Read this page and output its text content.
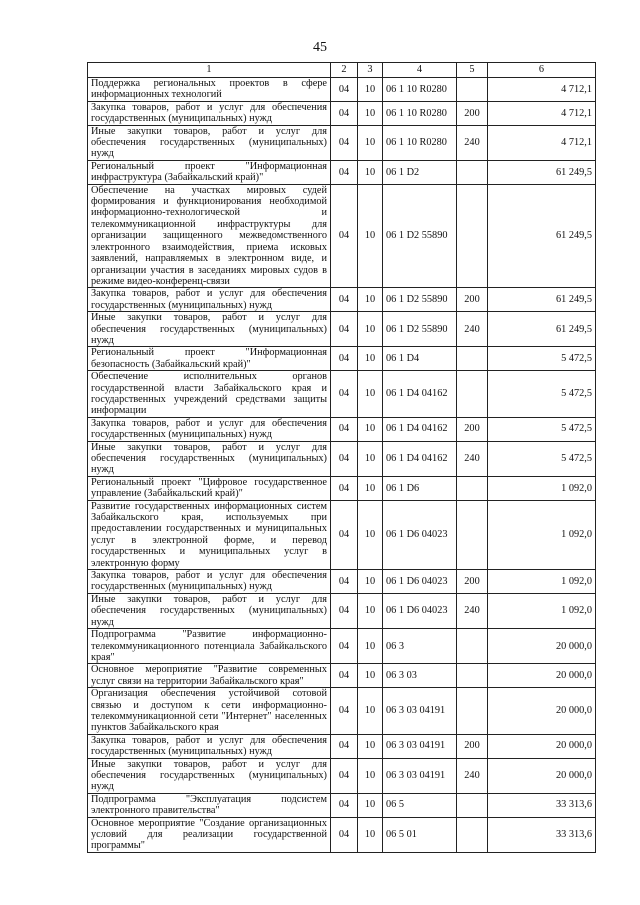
45
1	2	3	4	5	6
Поддержка региональных проектов в сфере информационных технологий	04	10	06 1 10 R0280		4 712,1
Закупка товаров, работ и услуг для обеспечения государственных (муниципальных) нужд	04	10	06 1 10 R0280	200	4 712,1
Иные закупки товаров, работ и услуг для обеспечения государственных (муниципальных) нужд	04	10	06 1 10 R0280	240	4 712,1
Региональный проект "Информационная инфраструктура (Забайкальский край)"	04	10	06 1 D2		61 249,5
Обеспечение на участках мировых судей формирования и функционирования необходимой информационно-технологической и телекоммуникационной инфраструктуры для организации защищенного межведомственного электронного взаимодействия, приема исковых заявлений, направляемых в электронном виде, и организации участия в заседаниях мировых судов в режиме видео-конференц-связи	04	10	06 1 D2 55890		61 249,5
Закупка товаров, работ и услуг для обеспечения государственных (муниципальных) нужд	04	10	06 1 D2 55890	200	61 249,5
Иные закупки товаров, работ и услуг для обеспечения государственных (муниципальных) нужд	04	10	06 1 D2 55890	240	61 249,5
Региональный проект "Информационная безопасность (Забайкальский край)"	04	10	06 1 D4		5 472,5
Обеспечение исполнительных органов государственной власти Забайкальского края и государственных учреждений средствами защиты информации	04	10	06 1 D4 04162		5 472,5
Закупка товаров, работ и услуг для обеспечения государственных (муниципальных) нужд	04	10	06 1 D4 04162	200	5 472,5
Иные закупки товаров, работ и услуг для обеспечения государственных (муниципальных) нужд	04	10	06 1 D4 04162	240	5 472,5
Региональный проект "Цифровое государственное управление (Забайкальский край)"	04	10	06 1 D6		1 092,0
Развитие государственных информационных систем Забайкальского края, используемых при предоставлении государственных и муниципальных услуг в электронной форме, и перевод государственных и муниципальных услуг в электронную форму	04	10	06 1 D6 04023		1 092,0
Закупка товаров, работ и услуг для обеспечения государственных (муниципальных) нужд	04	10	06 1 D6 04023	200	1 092,0
Иные закупки товаров, работ и услуг для обеспечения государственных (муниципальных) нужд	04	10	06 1 D6 04023	240	1 092,0
Подпрограмма "Развитие информационно-телекоммуникационного потенциала Забайкальского края"	04	10	06 3		20 000,0
Основное мероприятие "Развитие современных услуг связи на территории Забайкальского края"	04	10	06 3 03		20 000,0
Организация обеспечения устойчивой сотовой связью и доступом к сети информационно-телекоммуникационной сети "Интернет" населенных пунктов Забайкальского края	04	10	06 3 03 04191		20 000,0
Закупка товаров, работ и услуг для обеспечения государственных (муниципальных) нужд	04	10	06 3 03 04191	200	20 000,0
Иные закупки товаров, работ и услуг для обеспечения государственных (муниципальных) нужд	04	10	06 3 03 04191	240	20 000,0
Подпрограмма "Эксплуатация подсистем электронного правительства"	04	10	06 5		33 313,6
Основное мероприятие "Создание организационных условий для реализации государственной программы"	04	10	06 5 01		33 313,6
